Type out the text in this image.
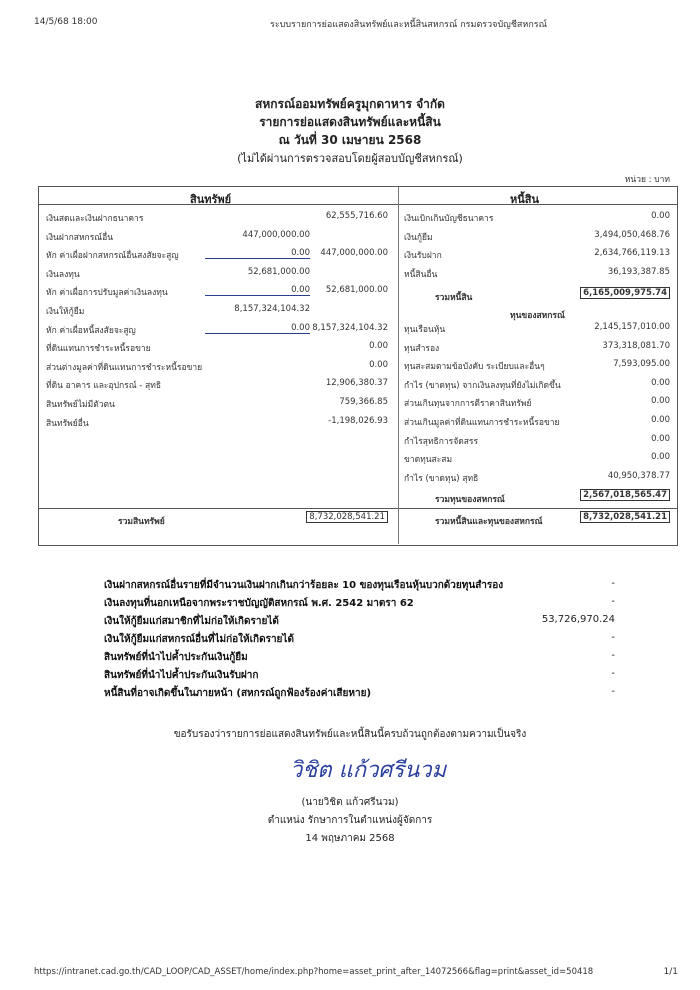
14/5/68 18:00	ระบบรายการย่อแสดงสินทรัพย์และหนี้สินสหกรณ์ กรมตรวจบัญชีสหกรณ์
สหกรณ์ออมทรัพย์ครูมุกดาหาร จำกัด
รายการย่อแสดงสินทรัพย์และหนี้สิน
ณ วันที่ 30 เมษายน 2568
(ไม่ได้ผ่านการตรวจสอบโดยผู้สอบบัญชีสหกรณ์)
หน่วย : บาท
สินทรัพย์	หนี้สิน
เงินสดและเงินฝากธนาคาร	62,555,716.60
เงินฝากสหกรณ์อื่น	447,000,000.00
หัก ค่าเผื่อฝากสหกรณ์อื่นสงสัยจะสูญ	0.00	447,000,000.00
เงินลงทุน	52,681,000.00
หัก ค่าเผื่อการปรับมูลค่าเงินลงทุน	0.00	52,681,000.00
เงินให้กู้ยืม	8,157,324,104.32
หัก ค่าเผื่อหนี้สงสัยจะสูญ	0.00 8,157,324,104.32
ที่ดินแทนการชำระหนี้รอขาย	0.00
ส่วนต่างมูลค่าที่ดินแทนการชำระหนี้รอขาย	0.00
ที่ดิน อาคาร และอุปกรณ์ - สุทธิ	12,906,380.37
สินทรัพย์ไม่มีตัวตน	759,366.85
สินทรัพย์อื่น	-1,198,026.93
รวมสินทรัพย์	8,732,028,541.21
เงินเบิกเกินบัญชีธนาคาร	0.00
เงินกู้ยืม	3,494,050,468.76
เงินรับฝาก	2,634,766,119.13
หนี้สินอื่น	36,193,387.85
รวมหนี้สิน	6,165,009,975.74
ทุนของสหกรณ์
ทุนเรือนหุ้น	2,145,157,010.00
ทุนสำรอง	373,318,081.70
ทุนสะสมตามข้อบังคับ ระเบียบและอื่นๆ	7,593,095.00
กำไร (ขาดทุน) จากเงินลงทุนที่ยังไม่เกิดขึ้น	0.00
ส่วนเกินทุนจากการตีราคาสินทรัพย์	0.00
ส่วนเกินมูลค่าที่ดินแทนการชำระหนี้รอขาย	0.00
กำไรสุทธิการจัดสรร	0.00
ขาดทุนสะสม	0.00
กำไร (ขาดทุน) สุทธิ	40,950,378.77
รวมทุนของสหกรณ์	2,567,018,565.47
รวมหนี้สินและทุนของสหกรณ์	8,732,028,541.21
เงินฝากสหกรณ์อื่นรายที่มีจำนวนเงินฝากเกินกว่าร้อยละ 10 ของทุนเรือนหุ้นบวกด้วยทุนสำรอง	-
เงินลงทุนที่นอกเหนือจากพระราชบัญญัติสหกรณ์ พ.ศ. 2542 มาตรา 62	-
เงินให้กู้ยืมแก่สมาชิกที่ไม่ก่อให้เกิดรายได้	53,726,970.24
เงินให้กู้ยืมแก่สหกรณ์อื่นที่ไม่ก่อให้เกิดรายได้	-
สินทรัพย์ที่นำไปค้ำประกันเงินกู้ยืม	-
สินทรัพย์ที่นำไปค้ำประกันเงินรับฝาก	-
หนี้สินที่อาจเกิดขึ้นในภายหน้า (สหกรณ์ถูกฟ้องร้องค่าเสียหาย)	-
ขอรับรองว่ารายการย่อแสดงสินทรัพย์และหนี้สินนี้ครบถ้วนถูกต้องตามความเป็นจริง
วิชิต แก้วศรีนวม
(นายวิชิต แก้วศรีนวม)
ตำแหน่ง รักษาการในตำแหน่งผู้จัดการ
14 พฤษภาคม 2568
https://intranet.cad.go.th/CAD_LOOP/CAD_ASSET/home/index.php?home=asset_print_after_14072566&flag=print&asset_id=50418	1/1
